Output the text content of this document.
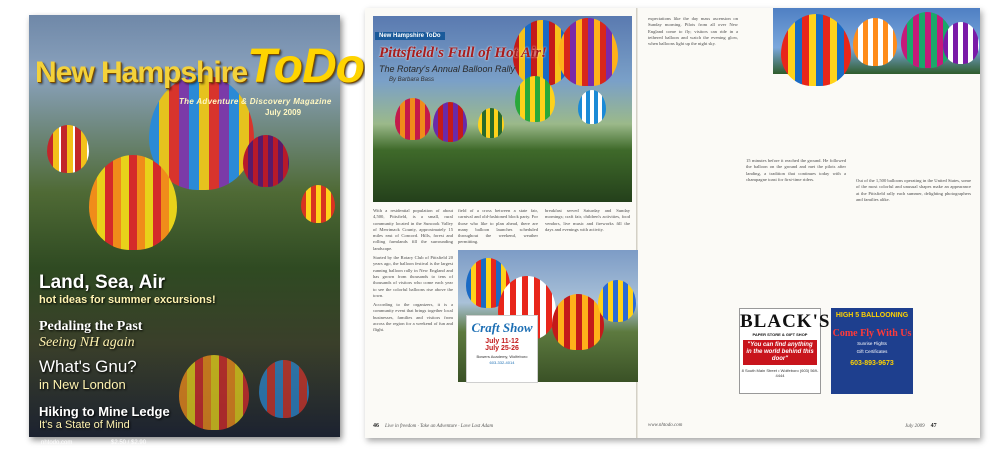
New HampshireToDo
The Adventure & Discovery Magazine
July 2009
Land, Sea, Air
hot ideas for summer excursions!
Pedaling the Past
Seeing NH again
What's Gnu?
in New London
Hiking to Mine Ledge
It's a State of Mind
nhtodo.com	$2.50 / $2.90
New Hampshire ToDo
Pittsfield's Full of Hot Air!
The Rotary's Annual Balloon Rally
By Barbara Bass

With a residential population of about 4,500, Pittsfield, is a small, rural community located in the Suncook Valley of Merrimack County, approximately 15 miles east of Concord. Hills, forest and rolling farmlands fill the surrounding landscape.

Started by the Rotary Club of Pittsfield 20 years ago, the balloon festival is the largest running balloon rally in New England and has grown from thousands to tens of thousands of visitors who come each year to see the colorful balloons rise above the town.

According to the organizers, it is a community event that brings together local businesses, families and visitors from across the region for a weekend of fun and flight.

field of a cross between a state fair, carnival and old-fashioned block party. For those who like to plan ahead, there are many balloon launches scheduled throughout the weekend, weather permitting.

breakfast served Saturday and Sunday mornings; craft fair, children's activities, food vendors, live music and fireworks fill the days and evenings with activity.

expectations like the day mass ascension on Sunday morning. Pilots from all over New England come to fly; visitors can ride in a tethered balloon and watch the evening glow, when balloons light up the night sky.

15 minutes before it reached the ground. He followed the balloon on the ground and met the pilots after landing, a tradition that continues today with a champagne toast for first-time riders.	Out of the 1,500 balloons operating in the United States, some of the most colorful and unusual shapes make an appearance at the Pittsfield rally each summer, delighting photographers and families alike.

Craft Show
July 11-12
July 25-26
Bowers Academy, Wolfeboro
603-332-4014
BLACK'S
PAPER STORE & GIFT SHOP
"You can find anything in the world behind this door"
8 South Main Street • Wolfeboro (603) 569-4444
HIGH 5 BALLOONING
Come Fly With Us
Sunrise Flights
Gift Certificates
603-893-9673
46 Live in freedom · Take an Adventure · Love Lost Adam	www.nhtodo.com	July 2009 47
